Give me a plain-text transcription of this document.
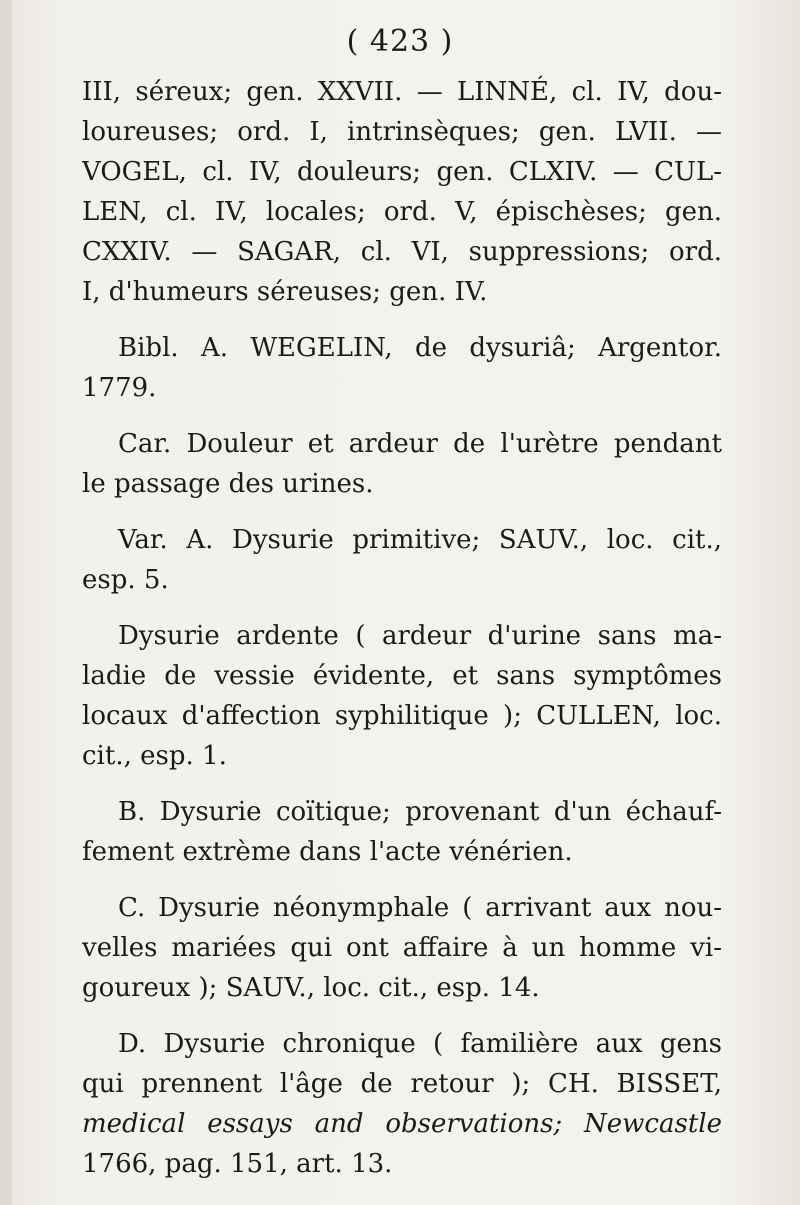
( 423 )
III, séreux; gen. XXVII. — LINNÉ, cl. IV, dou-
loureuses; ord. I, intrinsèques; gen. LVII. —
VOGEL, cl. IV, douleurs; gen. CLXIV. — CUL-
LEN, cl. IV, locales; ord. V, épischèses; gen.
CXXIV. — SAGAR, cl. VI, suppressions; ord.
I, d'humeurs séreuses; gen. IV.
Bibl. A. WEGELIN, de dysuriâ; Argentor.
1779.
Car. Douleur et ardeur de l'urètre pendant
le passage des urines.
Var. A. Dysurie primitive; SAUV., loc. cit.,
esp. 5.
Dysurie ardente ( ardeur d'urine sans ma-
ladie de vessie évidente, et sans symptômes
locaux d'affection syphilitique ); CULLEN, loc.
cit., esp. 1.
B. Dysurie coïtique; provenant d'un échauf-
fement extrème dans l'acte vénérien.
C. Dysurie néonymphale ( arrivant aux nou-
velles mariées qui ont affaire à un homme vi-
goureux ); SAUV., loc. cit., esp. 14.
D. Dysurie chronique ( familière aux gens
qui prennent l'âge de retour ); CH. BISSET,
medical essays and observations; Newcastle
1766, pag. 151, art. 13.
